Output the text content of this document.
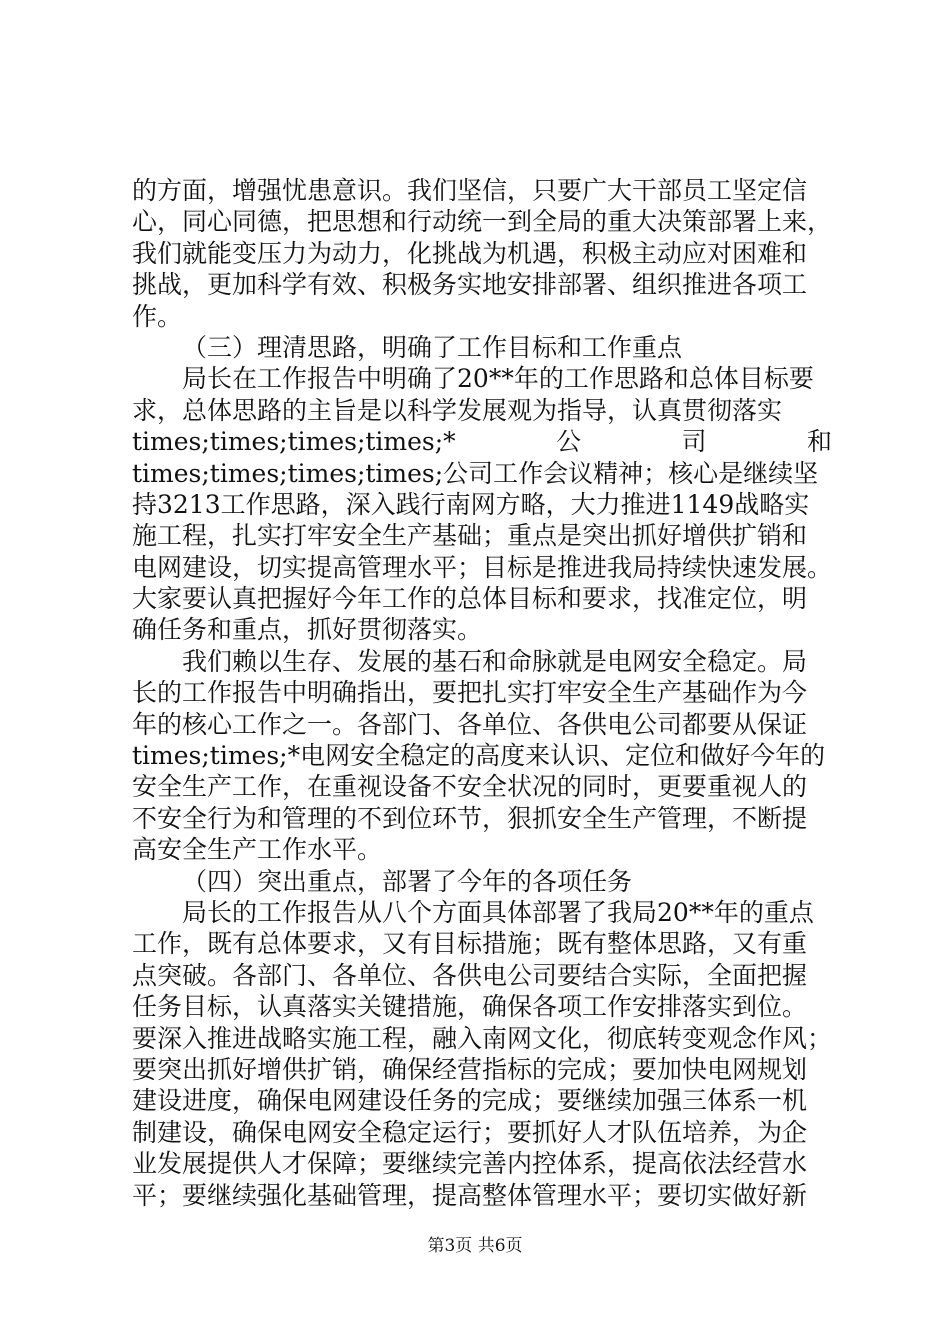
的方面，增强忧患意识。我们坚信，只要广大干部员工坚定信
心，同心同德，把思想和行动统一到全局的重大决策部署上来，
我们就能变压力为动力，化挑战为机遇，积极主动应对困难和
挑战，更加科学有效、积极务实地安排部署、组织推进各项工
作。
（三）理清思路，明确了工作目标和工作重点
局长在工作报告中明确了20**年的工作思路和总体目标要
求，总体思路的主旨是以科学发展观为指导，认真贯彻落实
times;times;times;times;*	公	司	和
times;times;times;times;公司工作会议精神；核心是继续坚
持3213工作思路，深入践行南网方略，大力推进1149战略实
施工程，扎实打牢安全生产基础；重点是突出抓好增供扩销和
电网建设，切实提高管理水平；目标是推进我局持续快速发展。
大家要认真把握好今年工作的总体目标和要求，找准定位，明
确任务和重点，抓好贯彻落实。
我们赖以生存、发展的基石和命脉就是电网安全稳定。局
长的工作报告中明确指出，要把扎实打牢安全生产基础作为今
年的核心工作之一。各部门、各单位、各供电公司都要从保证
times;times;*电网安全稳定的高度来认识、定位和做好今年的
安全生产工作，在重视设备不安全状况的同时，更要重视人的
不安全行为和管理的不到位环节，狠抓安全生产管理，不断提
高安全生产工作水平。
（四）突出重点，部署了今年的各项任务
局长的工作报告从八个方面具体部署了我局20**年的重点
工作，既有总体要求，又有目标措施；既有整体思路，又有重
点突破。各部门、各单位、各供电公司要结合实际，全面把握
任务目标，认真落实关键措施，确保各项工作安排落实到位。
要深入推进战略实施工程，融入南网文化，彻底转变观念作风；
要突出抓好增供扩销，确保经营指标的完成；要加快电网规划
建设进度，确保电网建设任务的完成；要继续加强三体系一机
制建设，确保电网安全稳定运行；要抓好人才队伍培养，为企
业发展提供人才保障；要继续完善内控体系，提高依法经营水
平；要继续强化基础管理，提高整体管理水平；要切实做好新
第3页 共6页
